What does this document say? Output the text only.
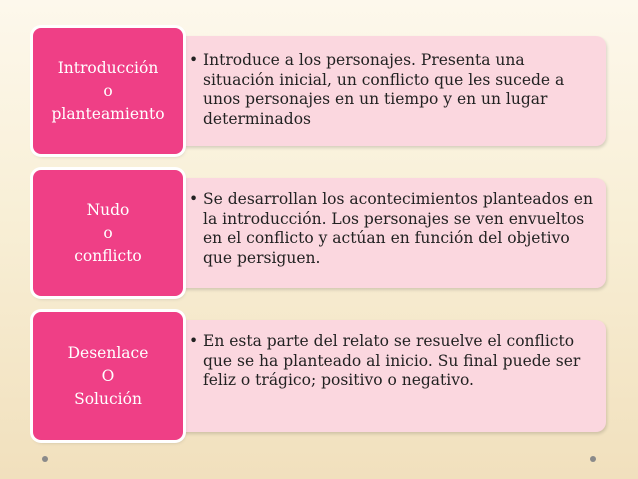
Introducción
o
planteamiento
• Introduce a los personajes. Presenta una situación inicial, un conflicto que les sucede a unos personajes en un tiempo y en un lugar determinados
Nudo
o
conflicto
• Se desarrollan los acontecimientos planteados en la introducción. Los personajes se ven envueltos en el conflicto y actúan en función del objetivo que persiguen.
Desenlace
O
Solución
• En esta parte del relato se resuelve el conflicto que se ha planteado al inicio. Su final puede ser feliz o trágico; positivo o negativo.
